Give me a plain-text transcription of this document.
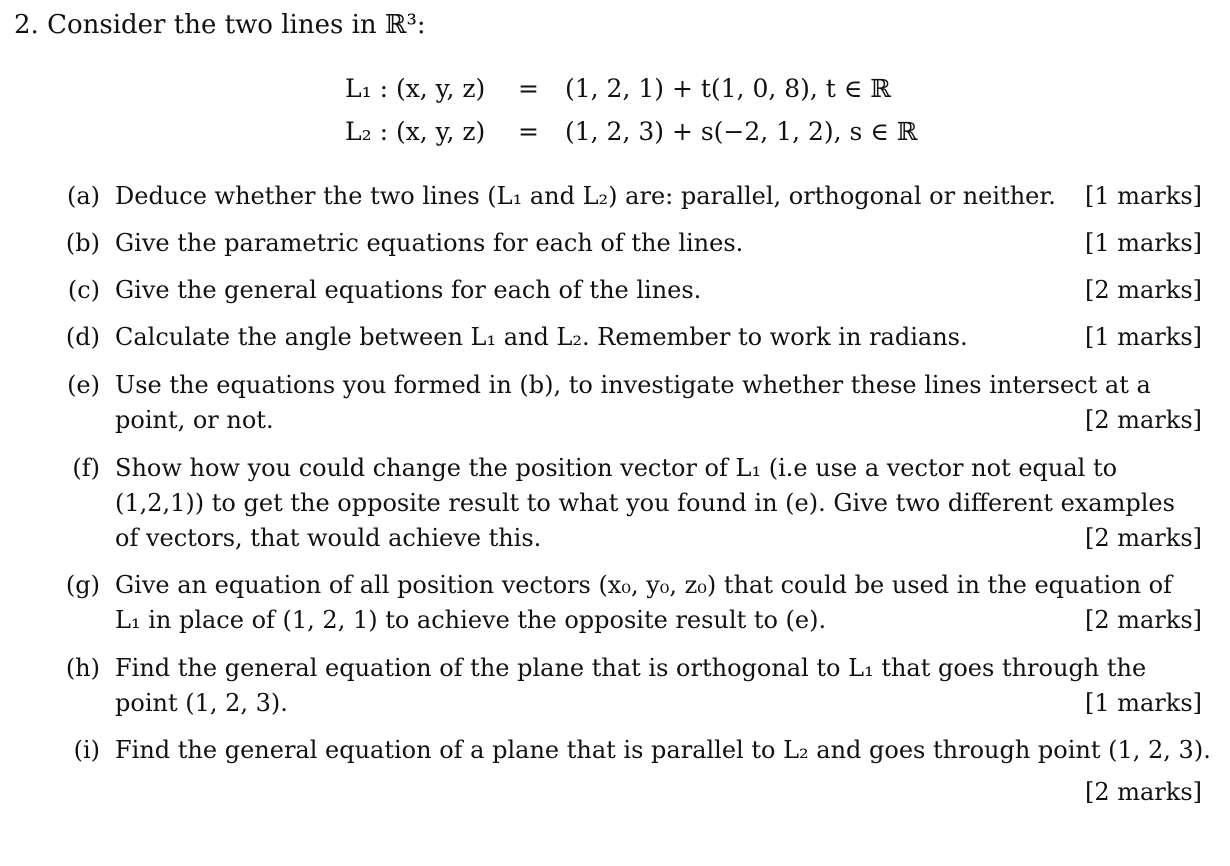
2. Consider the two lines in ℝ³:
L₁ : (x, y, z) = (1, 2, 1) + t(1, 0, 8), t ∈ ℝ
L₂ : (x, y, z) = (1, 2, 3) + s(−2, 1, 2), s ∈ ℝ
(a) Deduce whether the two lines (L₁ and L₂) are: parallel, orthogonal or neither. [1 marks]
(b) Give the parametric equations for each of the lines.	[1 marks]
(c) Give the general equations for each of the lines.	[2 marks]
(d) Calculate the angle between L₁ and L₂. Remember to work in radians.	[1 marks]
(e) Use the equations you formed in (b), to investigate whether these lines intersect at a
point, or not.	[2 marks]
(f) Show how you could change the position vector of L₁ (i.e use a vector not equal to
(1,2,1)) to get the opposite result to what you found in (e). Give two different examples
of vectors, that would achieve this.	[2 marks]
(g) Give an equation of all position vectors (x₀, y₀, z₀) that could be used in the equation of
L₁ in place of (1, 2, 1) to achieve the opposite result to (e).	[2 marks]
(h) Find the general equation of the plane that is orthogonal to L₁ that goes through the
point (1, 2, 3).	[1 marks]
(i) Find the general equation of a plane that is parallel to L₂ and goes through point (1, 2, 3).
[2 marks]
